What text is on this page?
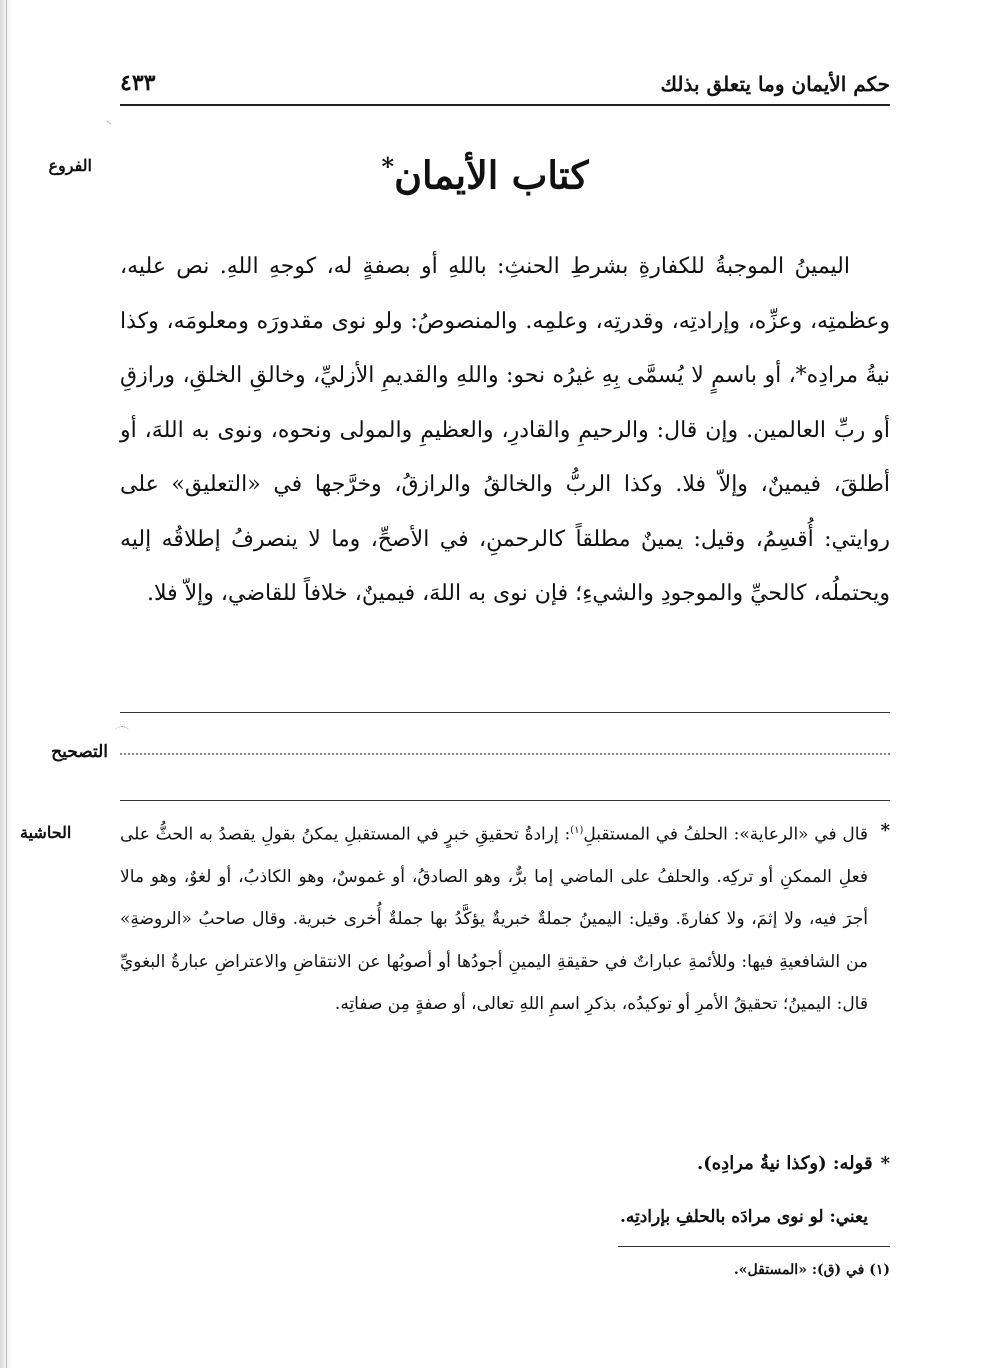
حكم الأيمان وما يتعلق بذلك
٤٣٣
الفروع	كتاب الأيمان*
اليمينُ الموجبةُ للكفارةِ بشرطِ الحنثِ: باللهِ أو بصفةٍ له، كوجهِ اللهِ. نص عليه، وعظمتِه، وعزِّه، وإرادتِه، وقدرتِه، وعلمِه. والمنصوصُ: ولو نوى مقدورَه ومعلومَه، وكذا نيةُ مرادِه*، أو باسمٍ لا يُسمَّى بِهِ غيرُه نحو: واللهِ والقديمِ الأزليِّ، وخالقِ الخلقِ، ورازقِ أو ربِّ العالمين. وإن قال: والرحيمِ والقادرِ، والعظيمِ والمولى ونحوه، ونوى به اللهَ، أو أطلقَ، فيمينٌ، وإلاّ فلا. وكذا الربُّ والخالقُ والرازقُ، وخرَّجها في «التعليق» على روايتي: أُقسِمُ، وقيل: يمينٌ مطلقاً كالرحمنِ، في الأصحِّ، وما لا ينصرفُ إطلاقُه إليه ويحتملُه، كالحيِّ والموجودِ والشيءِ؛ فإن نوى به اللهَ، فيمينٌ، خلافاً للقاضي، وإلاّ فلا.
التصحيح
الحاشية	*
قال في «الرعاية»: الحلفُ في المستقبلِ$^{(١)}$: إرادةُ تحقيقِ خبرٍ في المستقبلِ يمكنُ بقولِ يقصدُ به الحثُّ على فعلِ الممكنِ أو تركِه. والحلفُ على الماضي إما برٌّ، وهو الصادقُ، أو غموسٌ، وهو الكاذبُ، أو لغوٌ، وهو مالا أجرَ فيه، ولا إثمَ، ولا كفارةَ. وقيل: اليمينُ جملةٌ خبريةٌ يؤكَّدُ بها جملةٌ أُخرى خبرية. وقال صاحبُ «الروضةِ» من الشافعيةِ فيها: وللأئمةِ عباراتٌ في حقيقةِ اليمينِ أجودُها أو أصوبُها عن الانتقاضِ والاعتراضِ عبارةُ البغويِّ قال: اليمينُ؛ تحقيقُ الأمرِ أو توكيدُه، بذكرِ اسمِ اللهِ تعالى، أو صفةٍ مِن صفاتِه.

*قوله: (وكذا نيةُ مرادِه).
يعني: لو نوى مرادَه بالحلفِ بإرادتِه.
(١) في (ق): «المستقل».
